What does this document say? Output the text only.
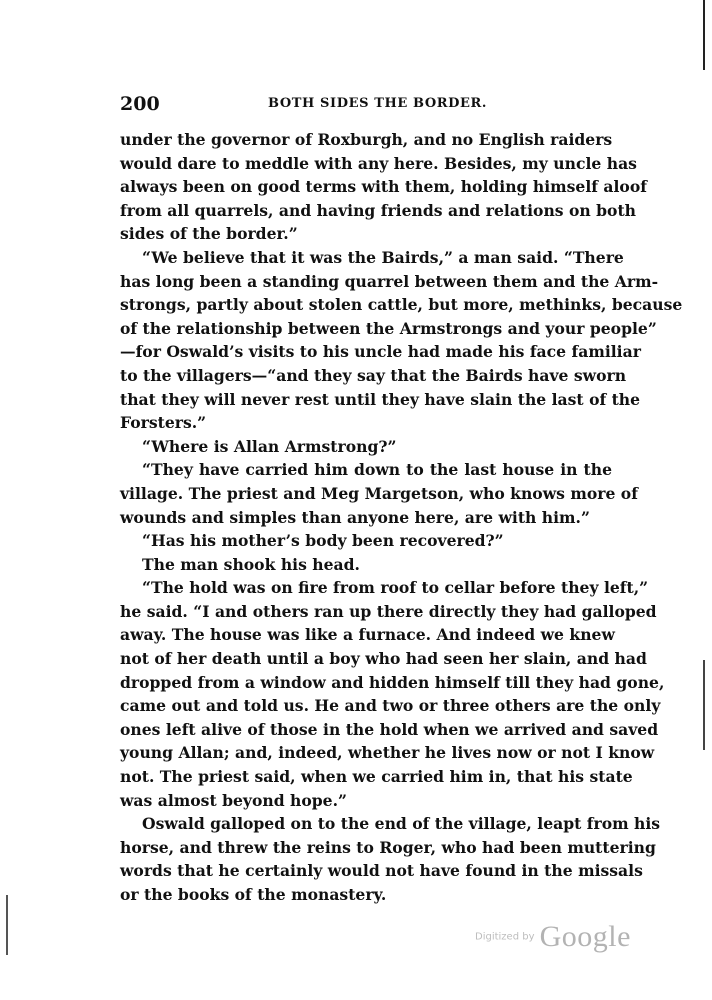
200	BOTH SIDES THE BORDER.
under the governor of Roxburgh, and no English raiders
would dare to meddle with any here. Besides, my uncle has
always been on good terms with them, holding himself aloof
from all quarrels, and having friends and relations on both
sides of the border.”
“We believe that it was the Bairds,” a man said. “There
has long been a standing quarrel between them and the Arm-
strongs, partly about stolen cattle, but more, methinks, because
of the relationship between the Armstrongs and your people”
—for Oswald’s visits to his uncle had made his face familiar
to the villagers—“and they say that the Bairds have sworn
that they will never rest until they have slain the last of the
Forsters.”
“Where is Allan Armstrong?”
“They have carried him down to the last house in the
village. The priest and Meg Margetson, who knows more of
wounds and simples than anyone here, are with him.”
“Has his mother’s body been recovered?”
The man shook his head.
“The hold was on fire from roof to cellar before they left,”
he said. “I and others ran up there directly they had galloped
away. The house was like a furnace. And indeed we knew
not of her death until a boy who had seen her slain, and had
dropped from a window and hidden himself till they had gone,
came out and told us. He and two or three others are the only
ones left alive of those in the hold when we arrived and saved
young Allan; and, indeed, whether he lives now or not I know
not. The priest said, when we carried him in, that his state
was almost beyond hope.”
Oswald galloped on to the end of the village, leapt from his
horse, and threw the reins to Roger, who had been muttering
words that he certainly would not have found in the missals
or the books of the monastery.
Digitized by Google
